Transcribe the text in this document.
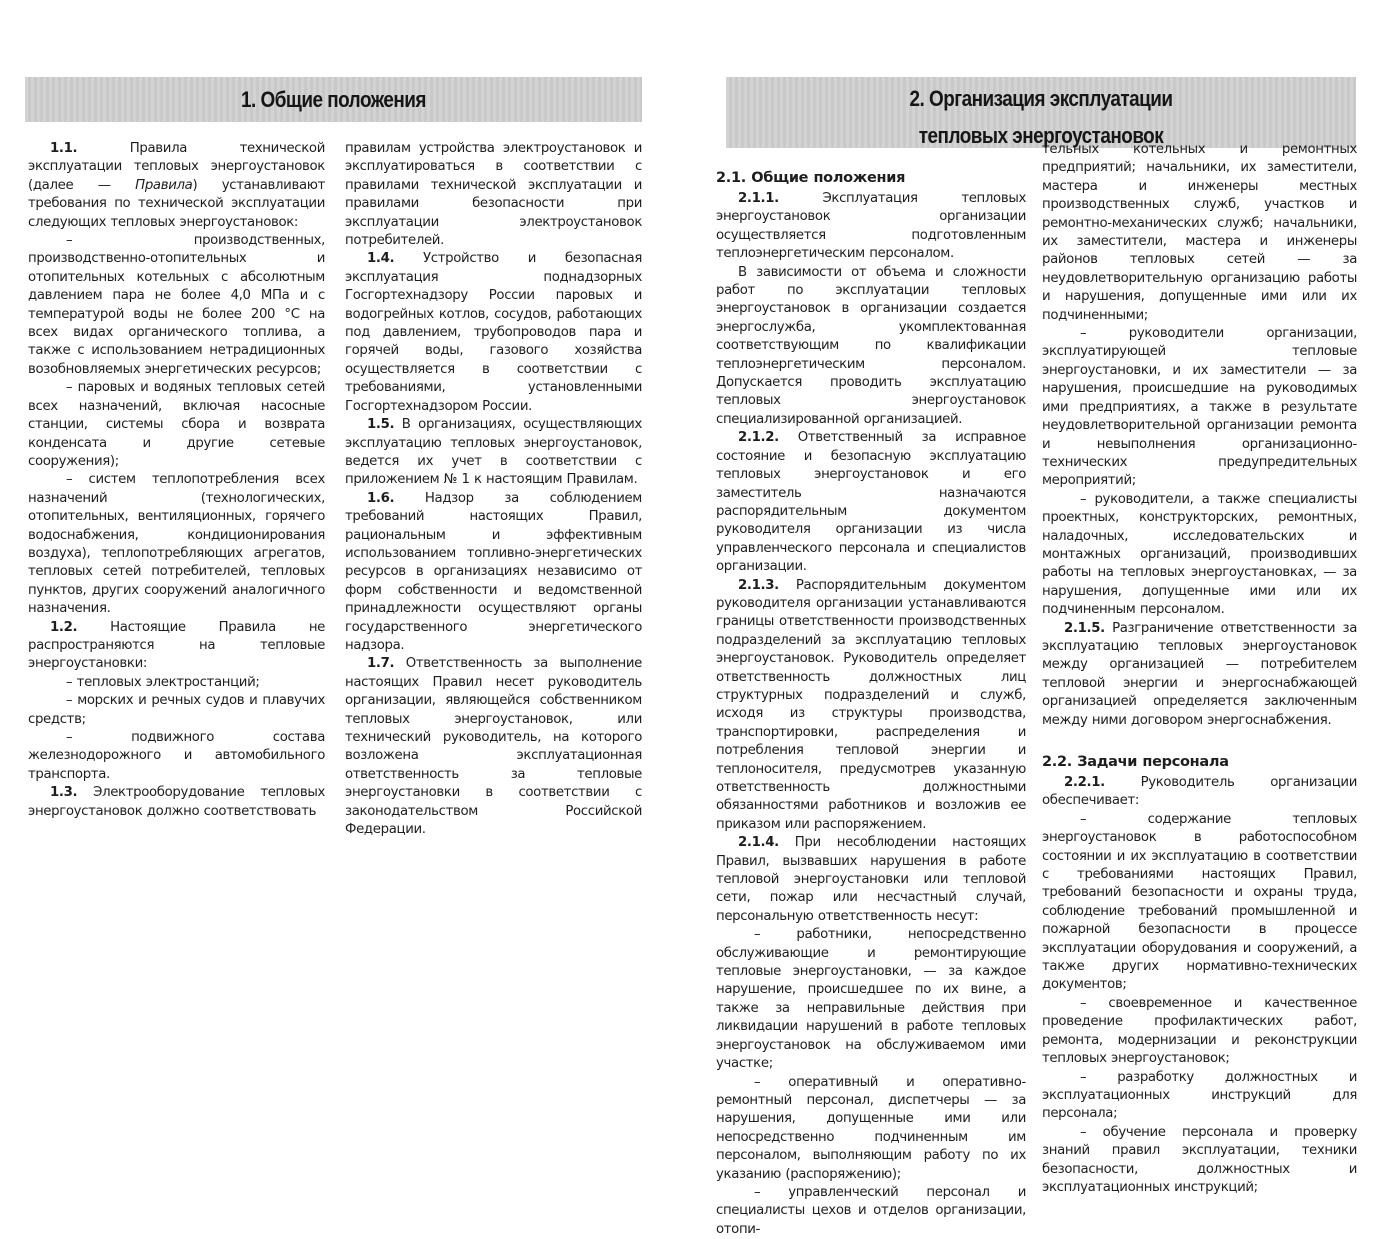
1. Общие положения

1.1. Правила технической эксплуатации тепловых энергоустановок (далее — Правила) устанавливают требования по технической эксплуатации следующих тепловых энергоустановок:

– производственных, производственно-отопительных и отопительных котельных с абсолютным давлением пара не более 4,0 МПа и с температурой воды не более 200 °С на всех видах органического топлива, а также с использованием нетрадиционных возобновляемых энергетических ресурсов;

– паровых и водяных тепловых сетей всех назначений, включая насосные станции, системы сбора и возврата конденсата и другие сетевые сооружения);

– систем теплопотребления всех назначений (технологических, отопительных, вентиляционных, горячего водоснабжения, кондиционирования воздуха), теплопотребляющих агрегатов, тепловых сетей потребителей, тепловых пунктов, других сооружений аналогичного назначения.

1.2. Настоящие Правила не распространяются на тепловые энергоустановки:

– тепловых электростанций;

– морских и речных судов и плавучих средств;

– подвижного состава железнодорожного и автомобильного транспорта.

1.3. Электрооборудование тепловых энергоустановок должно соответствовать

правилам устройства электроустановок и эксплуатироваться в соответствии с правилами технической эксплуатации и правилами безопасности при эксплуатации электроустановок потребителей.

1.4. Устройство и безопасная эксплуатация поднадзорных Госгортехнадзору России паровых и водогрейных котлов, сосудов, работающих под давлением, трубопроводов пара и горячей воды, газового хозяйства осуществляется в соответствии с требованиями, установленными Госгортехнадзором России.

1.5. В организациях, осуществляющих эксплуатацию тепловых энергоустановок, ведется их учет в соответствии с приложением № 1 к настоящим Правилам.

1.6. Надзор за соблюдением требований настоящих Правил, рациональным и эффективным использованием топливно-энергетических ресурсов в организациях независимо от форм собственности и ведомственной принадлежности осуществляют органы государственного энергетического надзора.

1.7. Ответственность за выполнение настоящих Правил несет руководитель организации, являющейся собственником тепловых энергоустановок, или технический руководитель, на которого возложена эксплуатационная ответственность за тепловые энергоустановки в соответствии с законодательством Российской Федерации.

2. Организация эксплуатации
тепловых энергоустановок
2.1. Общие положения

2.1.1. Эксплуатация тепловых энергоустановок организации осуществляется подготовленным теплоэнергетическим персоналом.

В зависимости от объема и сложности работ по эксплуатации тепловых энергоустановок в организации создается энергослужба, укомплектованная соответствующим по квалификации теплоэнергетическим персоналом. Допускается проводить эксплуатацию тепловых энергоустановок специализированной организацией.

2.1.2. Ответственный за исправное состояние и безопасную эксплуатацию тепловых энергоустановок и его заместитель назначаются распорядительным документом руководителя организации из числа управленческого персонала и специалистов организации.

2.1.3. Распорядительным документом руководителя организации устанавливаются границы ответственности производственных подразделений за эксплуатацию тепловых энергоустановок. Руководитель определяет ответственность должностных лиц структурных подразделений и служб, исходя из структуры производства, транспортировки, распределения и потребления тепловой энергии и теплоносителя, предусмотрев указанную ответственность должностными обязанностями работников и возложив ее приказом или распоряжением.

2.1.4. При несоблюдении настоящих Правил, вызвавших нарушения в работе тепловой энергоустановки или тепловой сети, пожар или несчастный случай, персональную ответственность несут:

– работники, непосредственно обслуживающие и ремонтирующие тепловые энергоустановки, — за каждое нарушение, происшедшее по их вине, а также за неправильные действия при ликвидации нарушений в работе тепловых энергоустановок на обслуживаемом ими участке;

– оперативный и оперативно-ремонтный персонал, диспетчеры — за нарушения, допущенные ими или непосредственно подчиненным им персоналом, выполняющим работу по их указанию (распоряжению);

– управленческий персонал и специалисты цехов и отделов организации, отопи-

тельных котельных и ремонтных предприятий; начальники, их заместители, мастера и инженеры местных производственных служб, участков и ремонтно-механических служб; начальники, их заместители, мастера и инженеры районов тепловых сетей — за неудовлетворительную организацию работы и нарушения, допущенные ими или их подчиненными;

– руководители организации, эксплуатирующей тепловые энергоустановки, и их заместители — за нарушения, происшедшие на руководимых ими предприятиях, а также в результате неудовлетворительной организации ремонта и невыполнения организационно-технических предупредительных мероприятий;

– руководители, а также специалисты проектных, конструкторских, ремонтных, наладочных, исследовательских и монтажных организаций, производивших работы на тепловых энергоустановках, — за нарушения, допущенные ими или их подчиненным персоналом.

2.1.5. Разграничение ответственности за эксплуатацию тепловых энергоустановок между организацией — потребителем тепловой энергии и энергоснабжающей организацией определяется заключенным между ними договором энергоснабжения.

2.2. Задачи персонала

2.2.1. Руководитель организации обеспечивает:

– содержание тепловых энергоустановок в работоспособном состоянии и их эксплуатацию в соответствии с требованиями настоящих Правил, требований безопасности и охраны труда, соблюдение требований промышленной и пожарной безопасности в процессе эксплуатации оборудования и сооружений, а также других нормативно-технических документов;

– своевременное и качественное проведение профилактических работ, ремонта, модернизации и реконструкции тепловых энергоустановок;

– разработку должностных и эксплуатационных инструкций для персонала;

– обучение персонала и проверку знаний правил эксплуатации, техники безопасности, должностных и эксплуатационных инструкций;
